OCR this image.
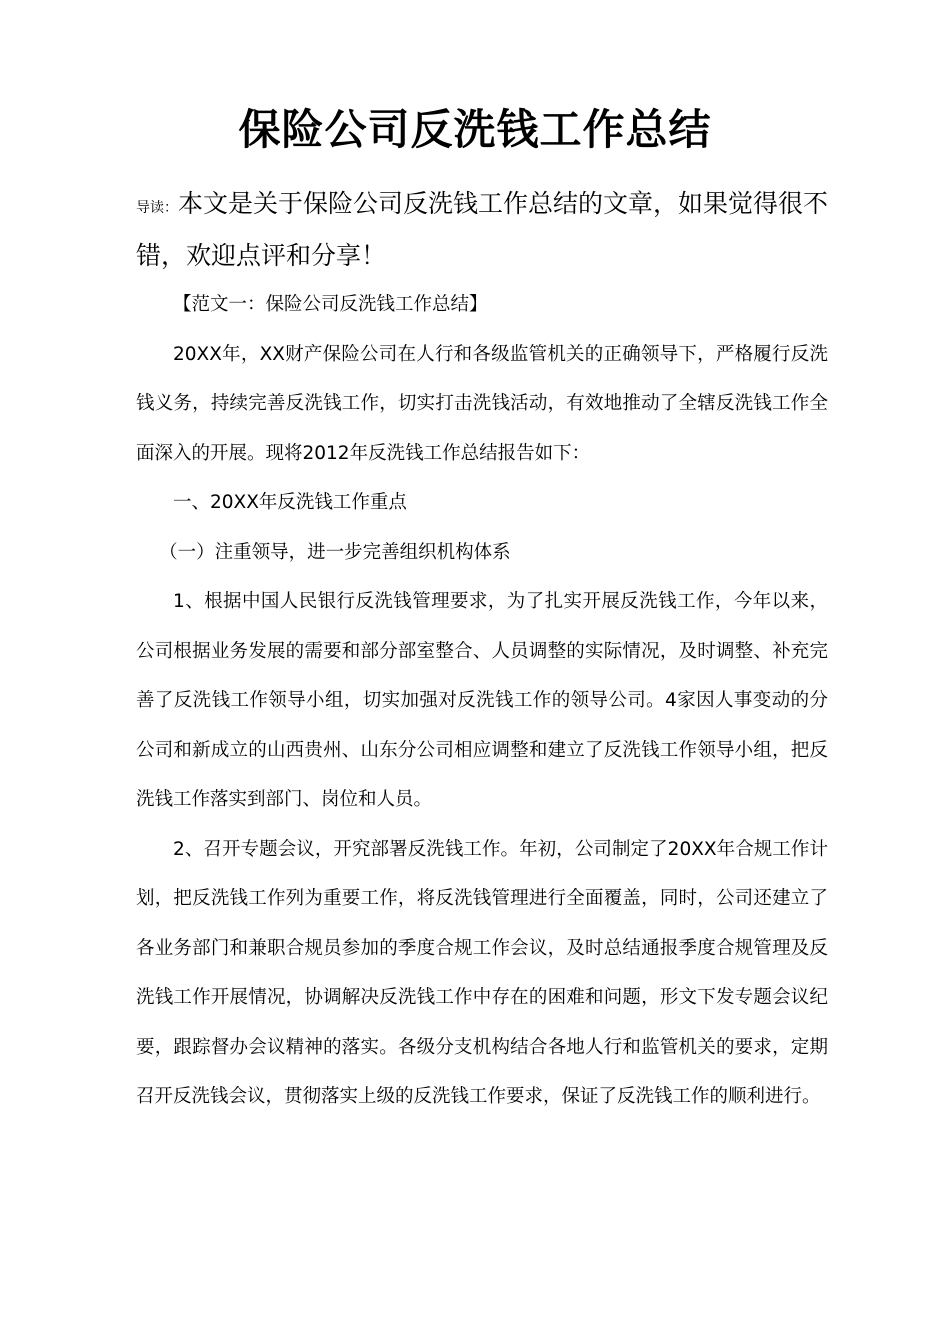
保险公司反洗钱工作总结

导读：本文是关于保险公司反洗钱工作总结的文章，如果觉得很不错，欢迎点评和分享！

【范文一：保险公司反洗钱工作总结】

20XX年，XX财产保险公司在人行和各级监管机关的正确领导下，严格履行反洗钱义务，持续完善反洗钱工作，切实打击洗钱活动，有效地推动了全辖反洗钱工作全面深入的开展。现将2012年反洗钱工作总结报告如下：

一、20XX年反洗钱工作重点

（一）注重领导，进一步完善组织机构体系

1、根据中国人民银行反洗钱管理要求，为了扎实开展反洗钱工作，今年以来，公司根据业务发展的需要和部分部室整合、人员调整的实际情况，及时调整、补充完善了反洗钱工作领导小组，切实加强对反洗钱工作的领导公司。4家因人事变动的分公司和新成立的山西贵州、山东分公司相应调整和建立了反洗钱工作领导小组，把反洗钱工作落实到部门、岗位和人员。

2、召开专题会议，开究部署反洗钱工作。年初，公司制定了20XX年合规工作计划，把反洗钱工作列为重要工作，将反洗钱管理进行全面覆盖，同时，公司还建立了各业务部门和兼职合规员参加的季度合规工作会议，及时总结通报季度合规管理及反洗钱工作开展情况，协调解决反洗钱工作中存在的困难和问题，形文下发专题会议纪要，跟踪督办会议精神的落实。各级分支机构结合各地人行和监管机关的要求，定期召开反洗钱会议，贯彻落实上级的反洗钱工作要求，保证了反洗钱工作的顺利进行。
